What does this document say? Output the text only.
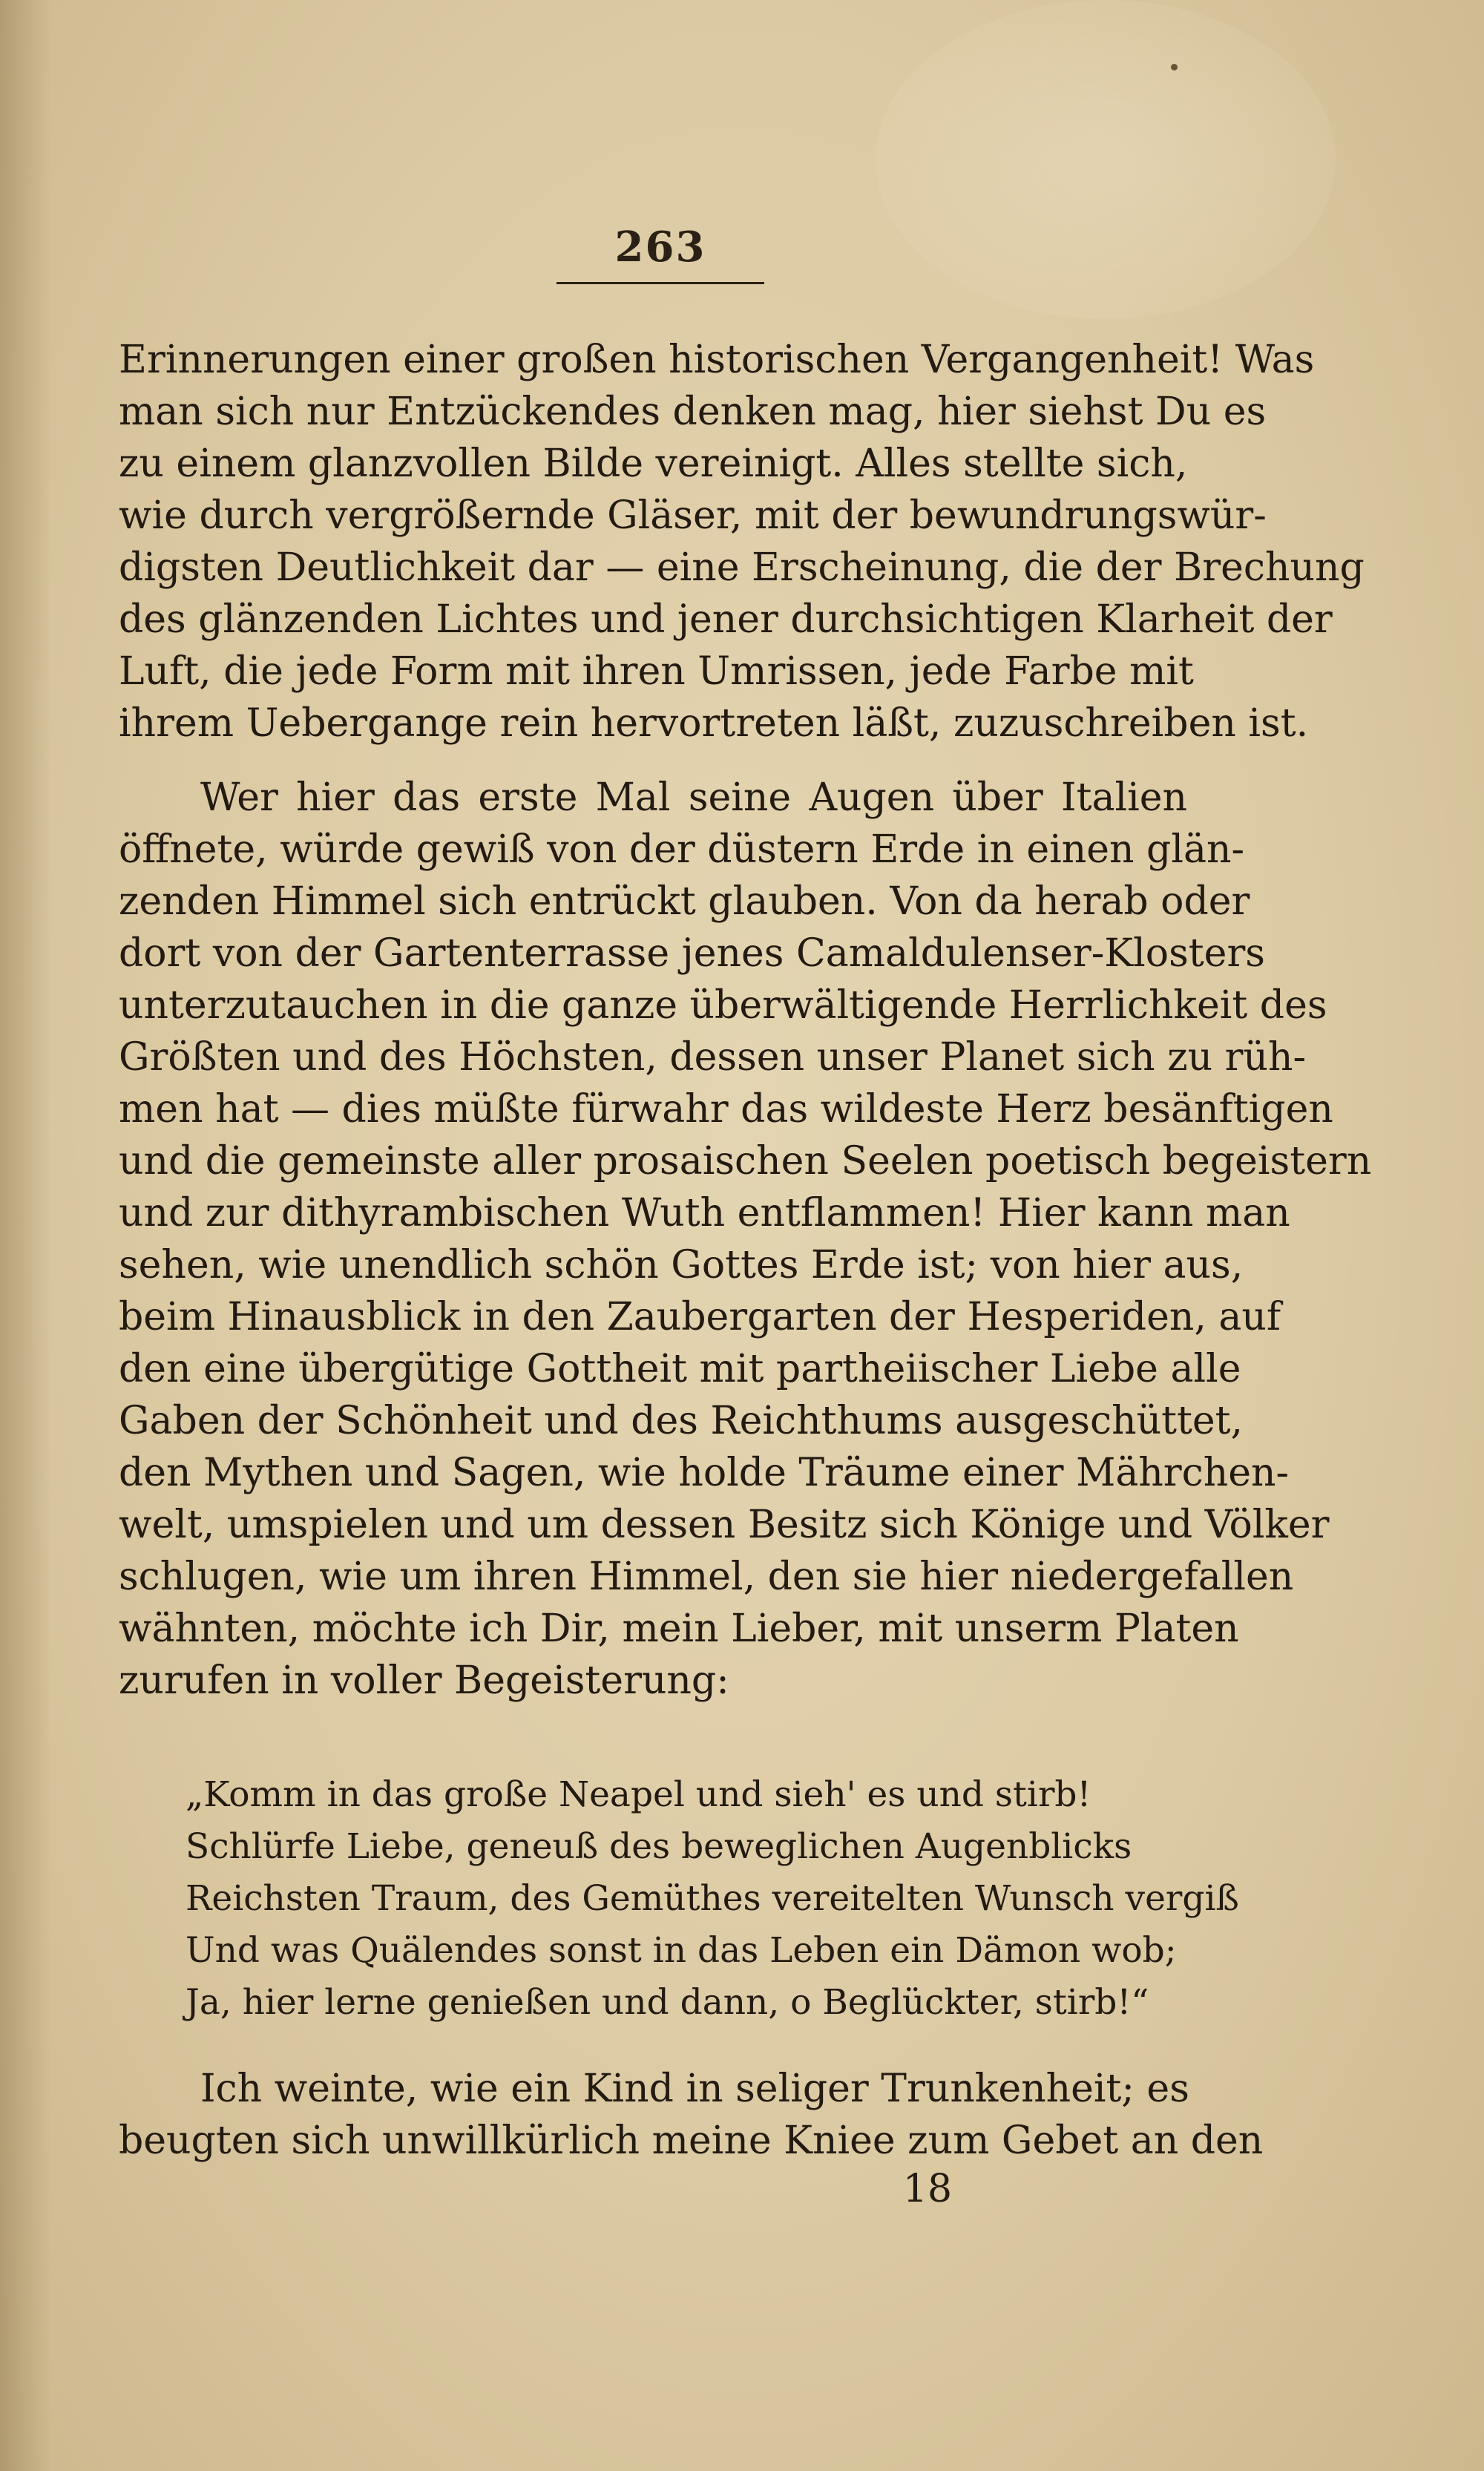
263
Erinnerungen einer großen historischen Vergangenheit! Was
man sich nur Entzückendes denken mag, hier siehst Du es
zu einem glanzvollen Bilde vereinigt. Alles stellte sich,
wie durch vergrößernde Gläser, mit der bewundrungswür-
digsten Deutlichkeit dar — eine Erscheinung, die der Brechung
des glänzenden Lichtes und jener durchsichtigen Klarheit der
Luft, die jede Form mit ihren Umrissen, jede Farbe mit
ihrem Uebergange rein hervortreten läßt, zuzuschreiben ist.
Wer hier das erste Mal seine Augen über Italien
öffnete, würde gewiß von der düstern Erde in einen glän-
zenden Himmel sich entrückt glauben. Von da herab oder
dort von der Gartenterrasse jenes Camaldulenser-Klosters
unterzutauchen in die ganze überwältigende Herrlichkeit des
Größten und des Höchsten, dessen unser Planet sich zu rüh-
men hat — dies müßte fürwahr das wildeste Herz besänftigen
und die gemeinste aller prosaischen Seelen poetisch begeistern
und zur dithyrambischen Wuth entflammen! Hier kann man
sehen, wie unendlich schön Gottes Erde ist; von hier aus,
beim Hinausblick in den Zaubergarten der Hesperiden, auf
den eine übergütige Gottheit mit partheiischer Liebe alle
Gaben der Schönheit und des Reichthums ausgeschüttet,
den Mythen und Sagen, wie holde Träume einer Mährchen-
welt, umspielen und um dessen Besitz sich Könige und Völker
schlugen, wie um ihren Himmel, den sie hier niedergefallen
wähnten, möchte ich Dir, mein Lieber, mit unserm Platen
zurufen in voller Begeisterung:
„Komm in das große Neapel und sieh' es und stirb!
Schlürfe Liebe, geneuß des beweglichen Augenblicks
Reichsten Traum, des Gemüthes vereitelten Wunsch vergiß
Und was Quälendes sonst in das Leben ein Dämon wob;
Ja, hier lerne genießen und dann, o Beglückter, stirb!“
Ich weinte, wie ein Kind in seliger Trunkenheit; es
beugten sich unwillkürlich meine Kniee zum Gebet an den
18
